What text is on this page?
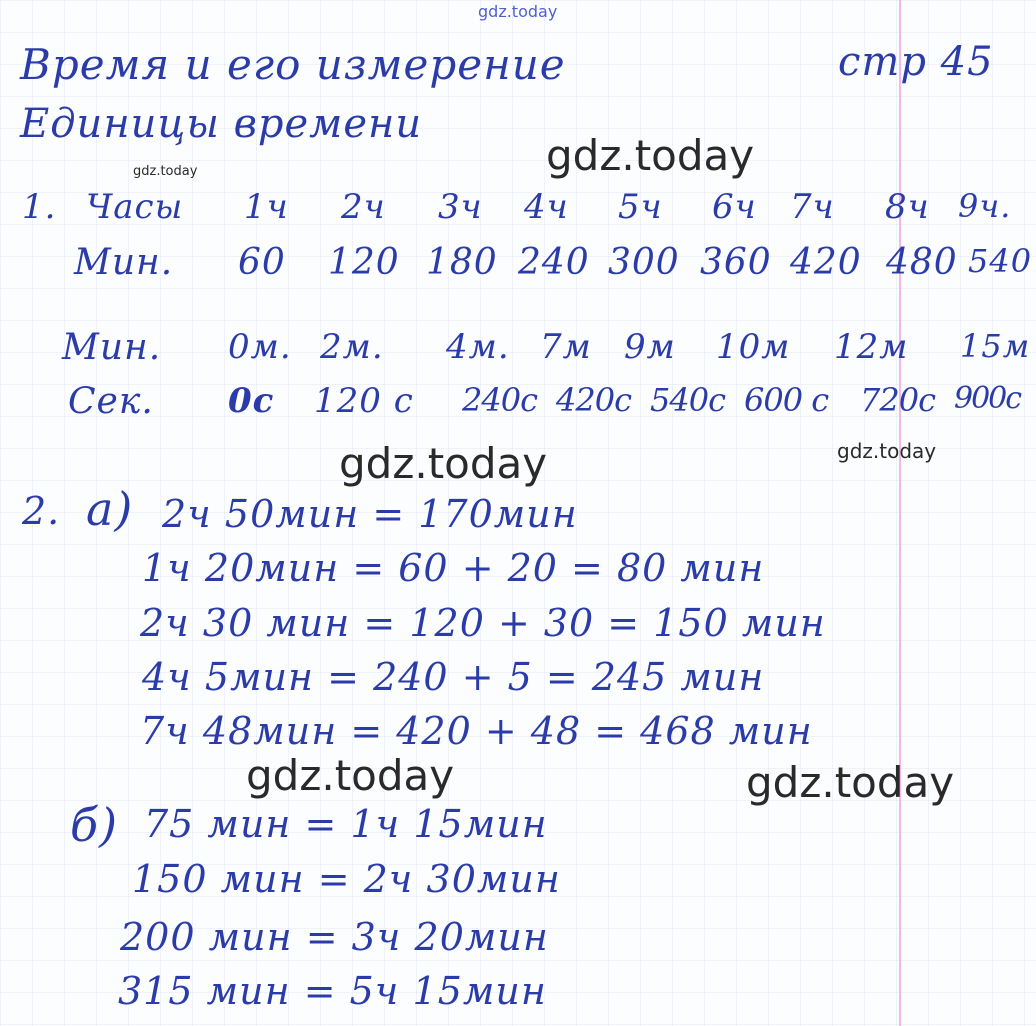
gdz.today
gdz.today	gdz.today
gdz.today
gdz.today
gdz.today	gdz.today
Время и его измерение	стр 45
Единицы времени
1. Часы 1ч 2ч 3ч 4ч 5ч 6ч 7ч 8ч 9ч.
Мин. 60 120 180 240 300 360 420 480 540
Мин. 0м. 2м. 4м. 7м 9м 10м 12м 15м
Сек. 0с 120 с 240с 420с 540с 600 с 720с 900с
2. а) 2ч 50мин = 170мин
1ч 20мин = 60 + 20 = 80 мин
2ч 30 мин = 120 + 30 = 150 мин
4ч 5мин = 240 + 5 = 245 мин
7ч 48мин = 420 + 48 = 468 мин
б) 75 мин = 1ч 15мин
150 мин = 2ч 30мин
200 мин = 3ч 20мин
315 мин = 5ч 15мин
